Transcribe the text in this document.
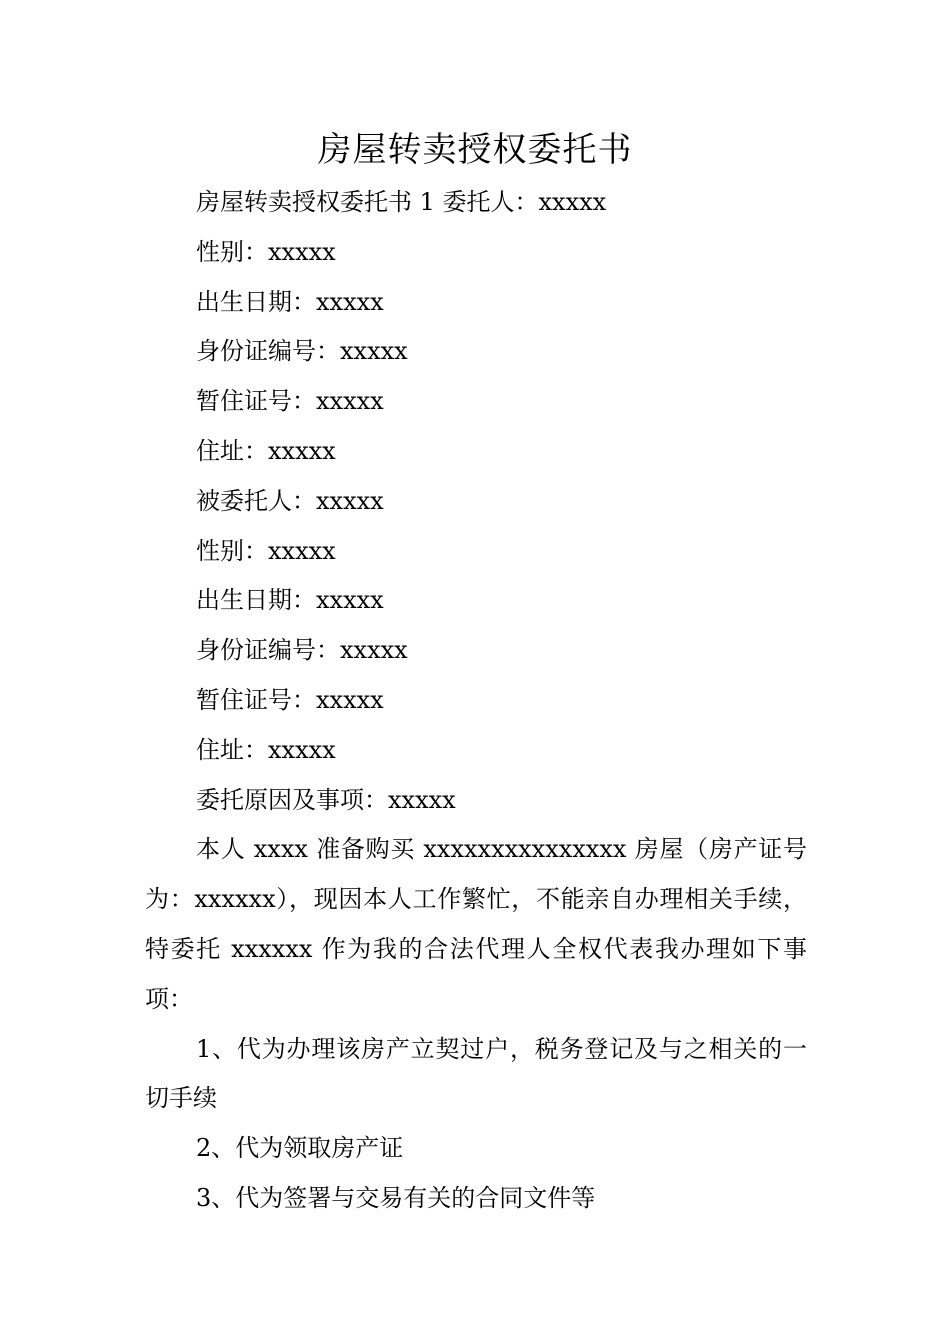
房屋转卖授权委托书

房屋转卖授权委托书 1 委托人：xxxxx

性别：xxxxx

出生日期：xxxxx

身份证编号：xxxxx

暂住证号：xxxxx

住址：xxxxx

被委托人：xxxxx

性别：xxxxx

出生日期：xxxxx

身份证编号：xxxxx

暂住证号：xxxxx

住址：xxxxx

委托原因及事项：xxxxx

本人 xxxx 准备购买 xxxxxxxxxxxxxxx 房屋（房产证号为：xxxxxx），现因本人工作繁忙，不能亲自办理相关手续，特委托 xxxxxx 作为我的合法代理人全权代表我办理如下事项：

1、代为办理该房产立契过户，税务登记及与之相关的一切手续

2、代为领取房产证

3、代为签署与交易有关的合同文件等
